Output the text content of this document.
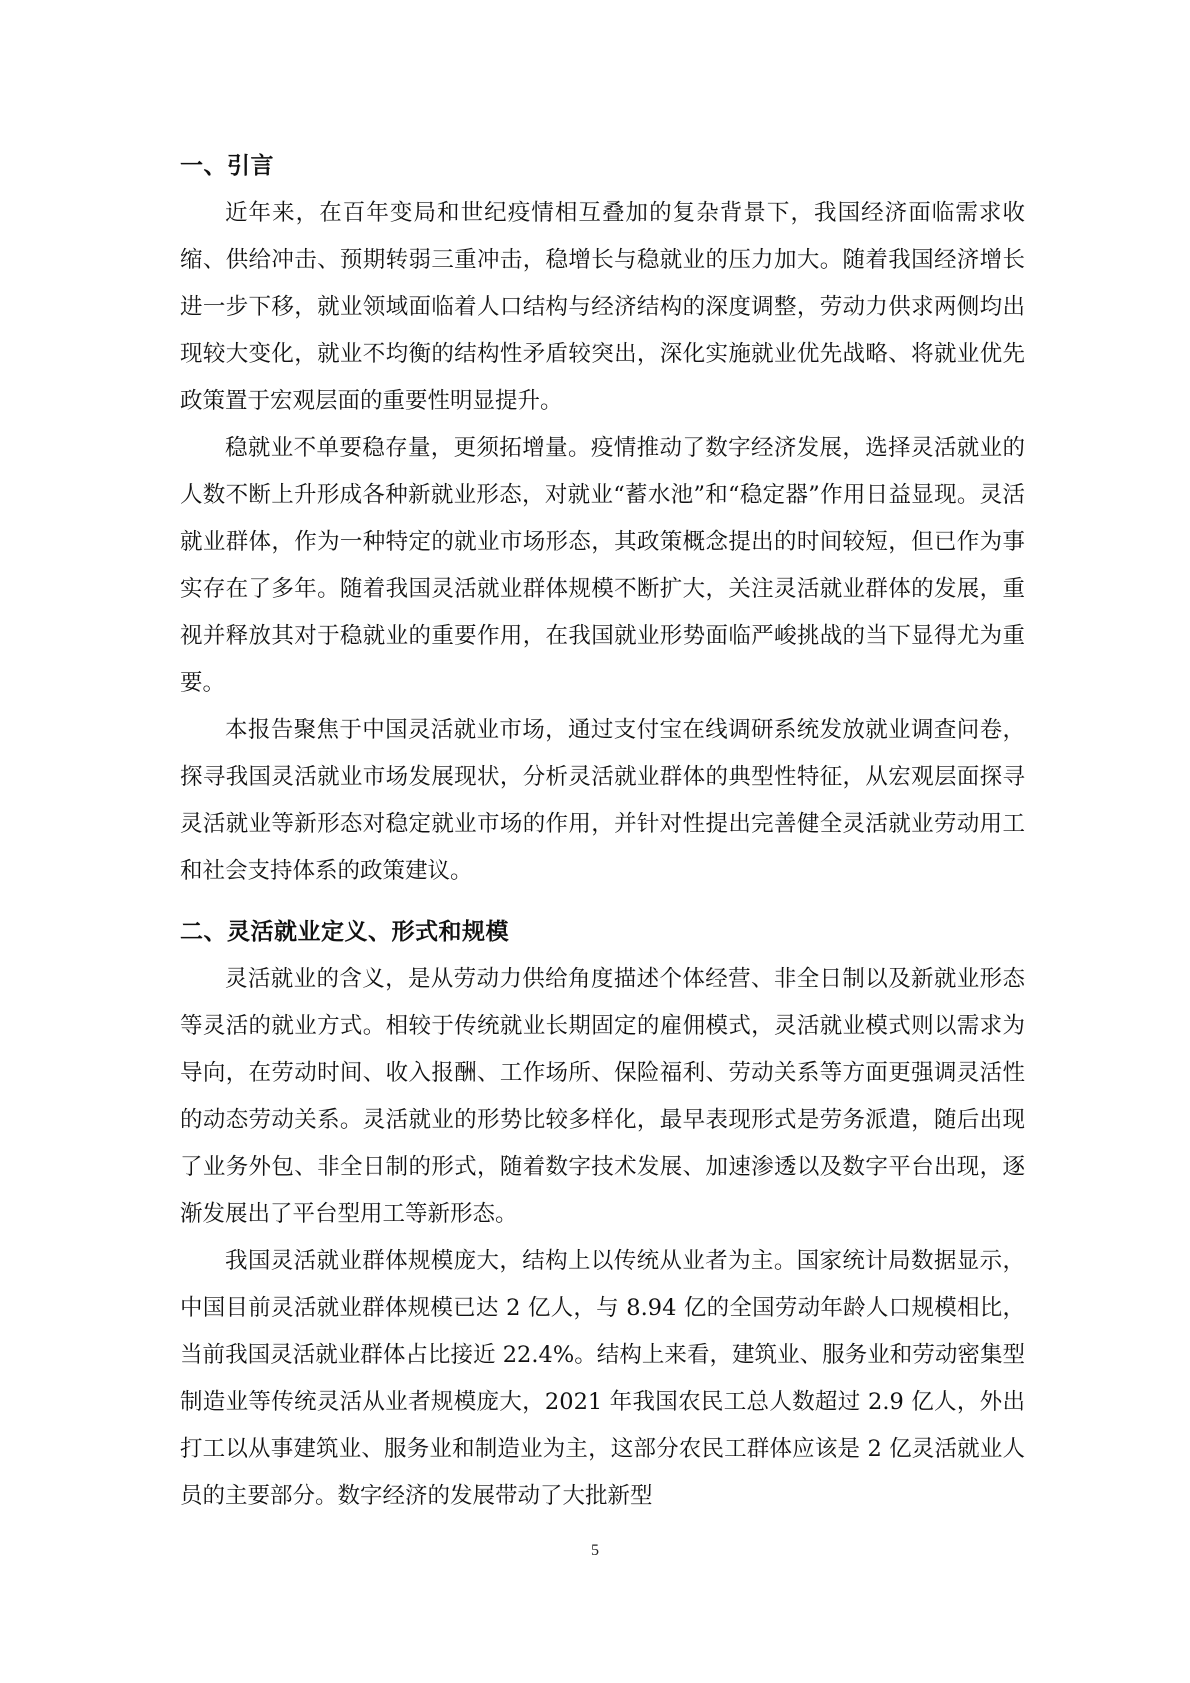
一、引言

近年来，在百年变局和世纪疫情相互叠加的复杂背景下，我国经济面临需求收缩、供给冲击、预期转弱三重冲击，稳增长与稳就业的压力加大。随着我国经济增长进一步下移，就业领域面临着人口结构与经济结构的深度调整，劳动力供求两侧均出现较大变化，就业不均衡的结构性矛盾较突出，深化实施就业优先战略、将就业优先政策置于宏观层面的重要性明显提升。

稳就业不单要稳存量，更须拓增量。疫情推动了数字经济发展，选择灵活就业的人数不断上升形成各种新就业形态，对就业“蓄水池”和“稳定器”作用日益显现。灵活就业群体，作为一种特定的就业市场形态，其政策概念提出的时间较短，但已作为事实存在了多年。随着我国灵活就业群体规模不断扩大，关注灵活就业群体的发展，重视并释放其对于稳就业的重要作用，在我国就业形势面临严峻挑战的当下显得尤为重要。

本报告聚焦于中国灵活就业市场，通过支付宝在线调研系统发放就业调查问卷，探寻我国灵活就业市场发展现状，分析灵活就业群体的典型性特征，从宏观层面探寻灵活就业等新形态对稳定就业市场的作用，并针对性提出完善健全灵活就业劳动用工和社会支持体系的政策建议。

二、灵活就业定义、形式和规模

灵活就业的含义，是从劳动力供给角度描述个体经营、非全日制以及新就业形态等灵活的就业方式。相较于传统就业长期固定的雇佣模式，灵活就业模式则以需求为导向，在劳动时间、收入报酬、工作场所、保险福利、劳动关系等方面更强调灵活性的动态劳动关系。灵活就业的形势比较多样化，最早表现形式是劳务派遣，随后出现了业务外包、非全日制的形式，随着数字技术发展、加速渗透以及数字平台出现，逐渐发展出了平台型用工等新形态。

我国灵活就业群体规模庞大，结构上以传统从业者为主。国家统计局数据显示，中国目前灵活就业群体规模已达 2 亿人，与 8.94 亿的全国劳动年龄人口规模相比，当前我国灵活就业群体占比接近 22.4%。结构上来看，建筑业、服务业和劳动密集型制造业等传统灵活从业者规模庞大，2021 年我国农民工总人数超过 2.9 亿人，外出打工以从事建筑业、服务业和制造业为主，这部分农民工群体应该是 2 亿灵活就业人员的主要部分。数字经济的发展带动了大批新型

5
